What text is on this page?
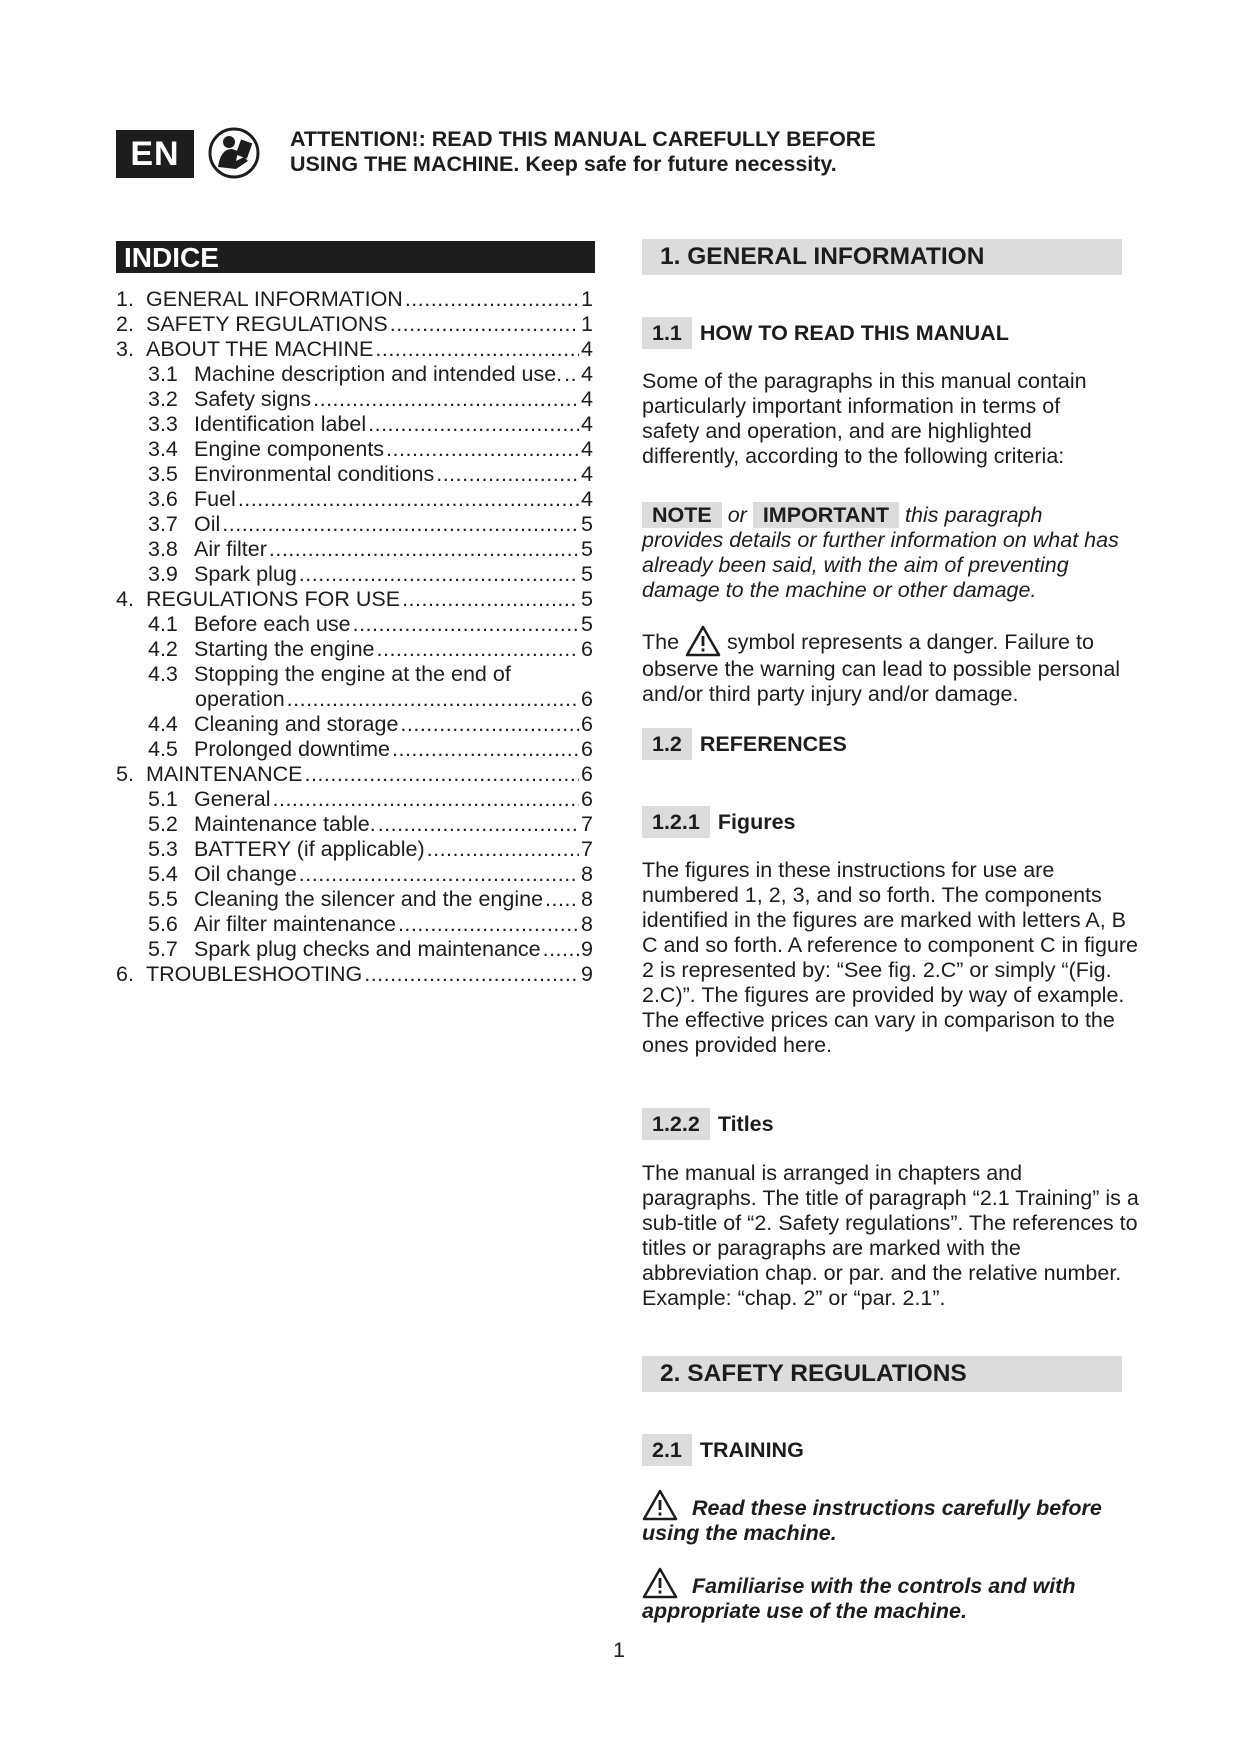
EN	ATTENTION!: READ THIS MANUAL CAREFULLY BEFORE
USING THE MACHINE. Keep safe for future necessity.
INDICE
1. GENERAL INFORMATION .....	1
2. SAFETY REGULATIONS .....	1
3. ABOUT THE MACHINE .....	4
3.1 Machine description and intended use. ..... 4
3.2 Safety signs .....	4
3.3 Identification label .....	4
3.4 Engine components .....	4
3.5 Environmental conditions .....	4
3.6 Fuel .....	4
3.7 Oil .....	5
3.8 Air filter .....	5
3.9 Spark plug .....	5
4. REGULATIONS FOR USE .....	5
4.1 Before each use .....	5
4.2 Starting the engine .....	6
4.3 Stopping the engine at the end of
operation .....	6
4.4 Cleaning and storage .....	6
4.5 Prolonged downtime .....	6
5. MAINTENANCE .....	6
5.1 General .....	6
5.2 Maintenance table. .....	7
5.3 BATTERY (if applicable) .....	7
5.4 Oil change .....	8
5.5 Cleaning the silencer and the engine ..... 8
5.6 Air filter maintenance .....	8
5.7 Spark plug checks and maintenance ..... 9
6. TROUBLESHOOTING .....	9
1. GENERAL INFORMATION
1.1 HOW TO READ THIS MANUAL
Some of the paragraphs in this manual contain particularly important information in terms of safety and operation, and are highlighted differently, according to the following criteria:
NOTE or IMPORTANT this paragraph provides details or further information on what has already been said, with the aim of preventing damage to the machine or other damage.
The symbol represents a danger. Failure to observe the warning can lead to possible personal and/or third party injury and/or damage.
1.2 REFERENCES
1.2.1 Figures
The figures in these instructions for use are numbered 1, 2, 3, and so forth. The components identified in the figures are marked with letters A, B C and so forth. A reference to component C in figure 2 is represented by: “See fig. 2.C” or simply “(Fig. 2.C)”. The figures are provided by way of example. The effective prices can vary in comparison to the ones provided here.
1.2.2 Titles
The manual is arranged in chapters and paragraphs. The title of paragraph “2.1 Training” is a sub-title of “2. Safety regulations”. The references to titles or paragraphs are marked with the abbreviation chap. or par. and the relative number. Example: “chap. 2” or “par. 2.1”.
2. SAFETY REGULATIONS
2.1 TRAINING
Read these instructions carefully before using the machine.
Familiarise with the controls and with appropriate use of the machine.
1
